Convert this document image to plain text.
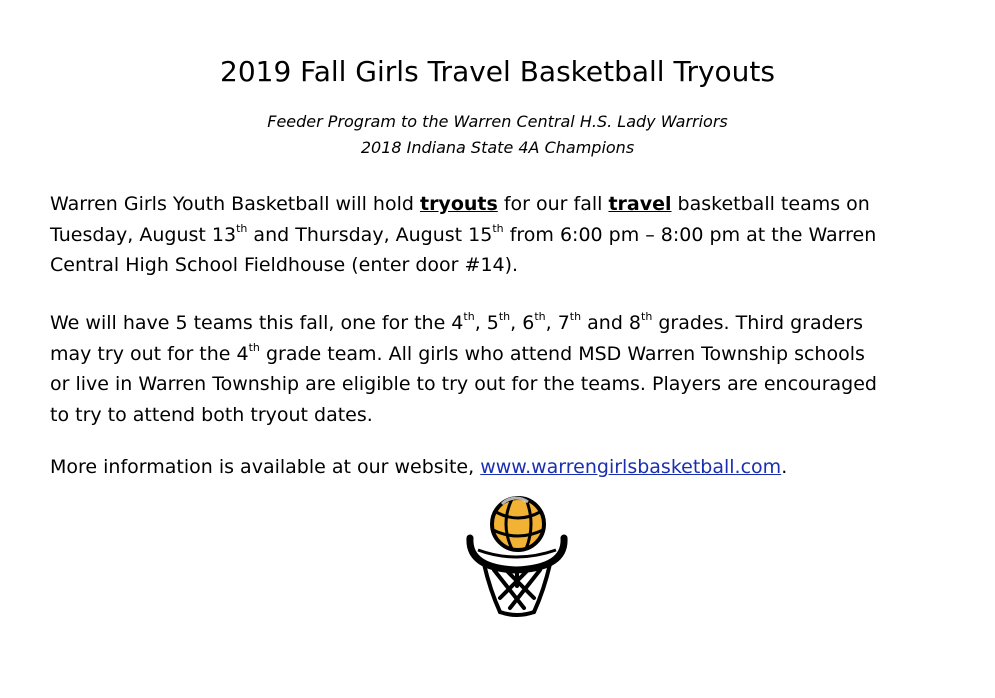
2019 Fall Girls Travel Basketball Tryouts
Feeder Program to the Warren Central H.S. Lady Warriors
2018 Indiana State 4A Champions
Warren Girls Youth Basketball will hold tryouts for our fall travel basketball teams on
Tuesday, August 13th and Thursday, August 15th from 6:00 pm – 8:00 pm at the Warren
Central High School Fieldhouse (enter door #14).
We will have 5 teams this fall, one for the 4th, 5th, 6th, 7th and 8th grades. Third graders
may try out for the 4th grade team. All girls who attend MSD Warren Township schools
or live in Warren Township are eligible to try out for the teams. Players are encouraged
to try to attend both tryout dates.
More information is available at our website, www.warrengirlsbasketball.com.
